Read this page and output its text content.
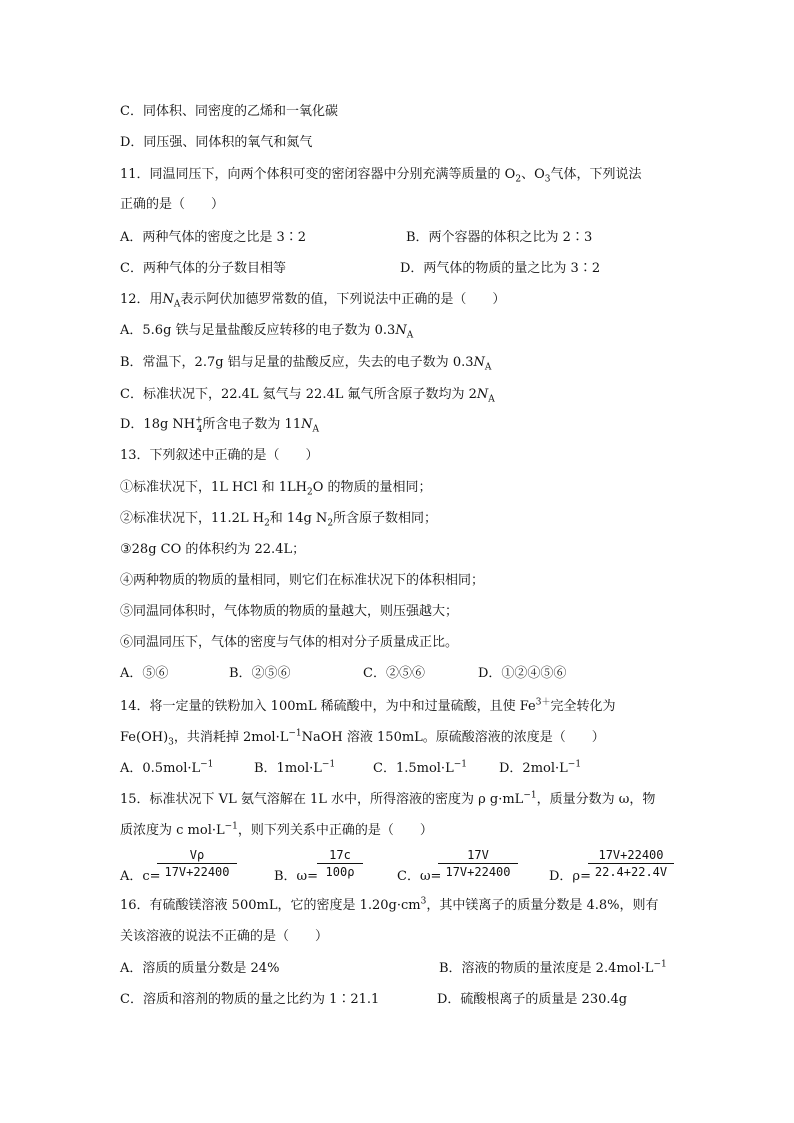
C．同体积、同密度的乙烯和一氧化碳
D．同压强、同体积的氧气和氮气
11．同温同压下，向两个体积可变的密闭容器中分别充满等质量的 $O_2$、$O_3$气体，下列说法
正确的是（　　）
A．两种气体的密度之比是 3∶2	B．两个容器的体积之比为 2∶3
C．两种气体的分子数目相等	D．两气体的物质的量之比为 3∶2
12．用$N_A$表示阿伏加德罗常数的值，下列说法中正确的是（　　）
A．5.6g 铁与足量盐酸反应转移的电子数为 $0.3N_A$
B．常温下，2.7g 铝与足量的盐酸反应，失去的电子数为 $0.3N_A$
C．标准状况下，22.4L 氦气与 22.4L 氟气所含原子数均为 $2N_A$
D．18g $NH^+_4$所含电子数为 $11N_A$
13．下列叙述中正确的是（　　）
①标准状况下，1L HCl 和 $1LH_2O$ 的物质的量相同；
②标准状况下，11.2L $H_2$和 14g $N_2$所含原子数相同；
③28g CO 的体积约为 22.4L；
④两种物质的物质的量相同，则它们在标准状况下的体积相同；
⑤同温同体积时，气体物质的物质的量越大，则压强越大；
⑥同温同压下，气体的密度与气体的相对分子质量成正比。
A．⑤⑥	B．②⑤⑥	C．②⑤⑥	D．①②④⑤⑥
14．将一定量的铁粉加入 100mL 稀硫酸中，为中和过量硫酸，且使 $Fe^{3+}$完全转化为
$Fe(OH)_3$，共消耗掉 $2mol\cdot L^{-1}NaOH$ 溶液 150mL。原硫酸溶液的浓度是（　　）
A．$0.5mol\cdot L^{-1}$	B．$1mol\cdot L^{-1}$	C．$1.5mol\cdot L^{-1}$ D．$2mol\cdot L^{-1}$
15．标准状况下 VL 氨气溶解在 1L 水中，所得溶液的密度为 ρ $g\cdot mL^{-1}$，质量分数为 ω，物
质浓度为 c $mol\cdot L^{-1}$，则下列关系中正确的是（　　）
A．c=
$\frac{V\rho}{17V+22400}$	B．ω=
$\frac{17c}{100\rho}$	C．ω=
$\frac{17V}{17V+22400}$ D．ρ=
$\frac{17V+22400}{22.4+22.4V}$
16．有硫酸镁溶液 500mL，它的密度是 $1.20g\cdot cm^3$，其中镁离子的质量分数是 4.8%，则有
关该溶液的说法不正确的是（　　）
A．溶质的质量分数是 24%	B．溶液的物质的量浓度是 $2.4mol\cdot L^{-1}$
C．溶质和溶剂的物质的量之比约为 1∶21.1	D．硫酸根离子的质量是 230.4g
